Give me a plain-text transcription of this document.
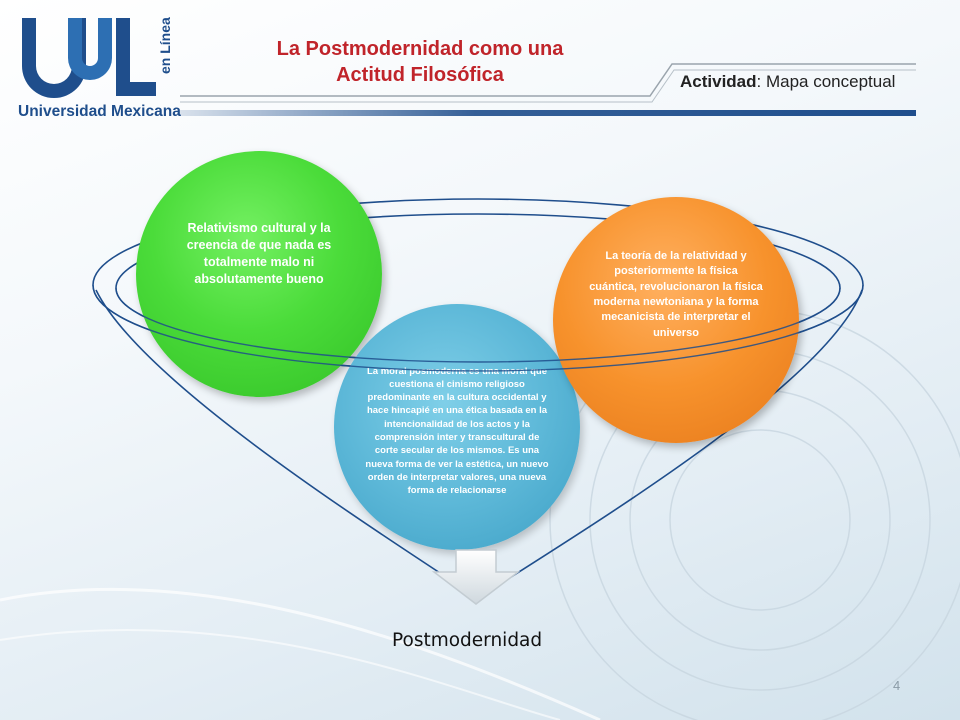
en Línea
Universidad Mexicana
La Postmodernidad como una
Actitud Filosófica	Actividad: Mapa conceptual
Relativismo cultural y la creencia de que nada es totalmente malo ni absolutamente bueno
La moral posmoderna es una moral que cuestiona el cinismo religioso predominante en la cultura occidental y hace hincapié en una ética basada en la intencionalidad de los actos y la comprensión inter y transcultural de corte secular de los mismos. Es una nueva forma de ver la estética, un nuevo orden de interpretar valores, una nueva forma de relacionarse
La teoría de la relatividad y posteriormente la física cuántica, revolucionaron la física moderna newtoniana y la forma mecanicista de interpretar el universo
Postmodernidad
4
